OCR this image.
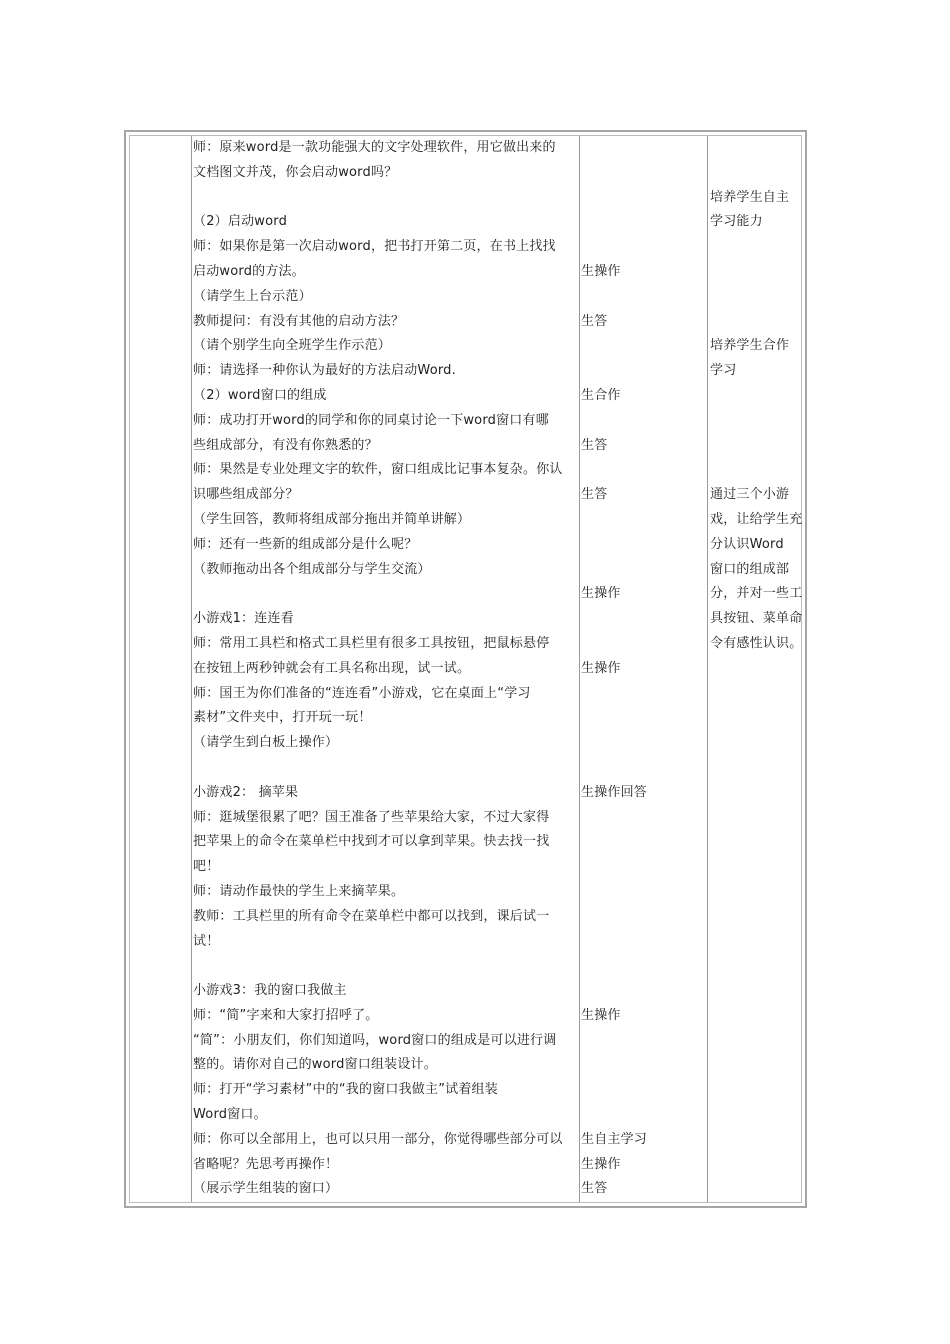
师：原来word是一款功能强大的文字处理软件，用它做出来的
文档图文并茂，你会启动word吗？
（2）启动word
师：如果你是第一次启动word，把书打开第二页，在书上找找
启动word的方法。
（请学生上台示范）
教师提问：有没有其他的启动方法？
（请个别学生向全班学生作示范）
师：请选择一种你认为最好的方法启动Word.
（2）word窗口的组成
师：成功打开word的同学和你的同桌讨论一下word窗口有哪
些组成部分，有没有你熟悉的？
师：果然是专业处理文字的软件，窗口组成比记事本复杂。你认
识哪些组成部分？
（学生回答，教师将组成部分拖出并简单讲解）
师：还有一些新的组成部分是什么呢？
（教师拖动出各个组成部分与学生交流）
小游戏1：连连看
师：常用工具栏和格式工具栏里有很多工具按钮，把鼠标悬停
在按钮上两秒钟就会有工具名称出现，试一试。
师：国王为你们准备的“连连看”小游戏，它在桌面上“学习
素材”文件夹中，打开玩一玩！
（请学生到白板上操作）
小游戏2： 摘苹果
师：逛城堡很累了吧？国王准备了些苹果给大家，不过大家得
把苹果上的命令在菜单栏中找到才可以拿到苹果。快去找一找
吧！
师：请动作最快的学生上来摘苹果。
教师：工具栏里的所有命令在菜单栏中都可以找到，课后试一
试！
小游戏3：我的窗口我做主
师：“简”字来和大家打招呼了。
“简”：小朋友们，你们知道吗，word窗口的组成是可以进行调
整的。请你对自己的word窗口组装设计。
师：打开“学习素材”中的“我的窗口我做主”试着组装
Word窗口。
师：你可以全部用上，也可以只用一部分，你觉得哪些部分可以
省略呢？先思考再操作！
（展示学生组装的窗口）
生操作
生答
生合作
生答
生答
生操作
生操作
生操作回答
生操作
生自主学习
生操作
生答
培养学生自主
学习能力
培养学生合作
学习
通过三个小游
戏，让给学生充
分认识Word
窗口的组成部
分，并对一些工
具按钮、菜单命
令有感性认识。
